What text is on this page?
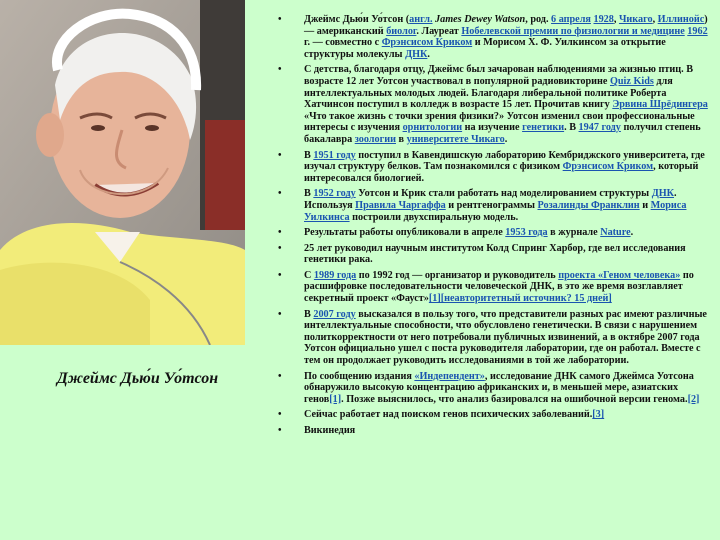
Джеймс Дью́и Уо́тсон
• Джеймс Дью́и Уо́тсон (англ. James Dewey Watson, род. 6 апреля 1928, Чикаго, Иллинойс) — американский биолог. Лауреат Нобелевской премии по физиологии и медицине 1962 г. — совместно с Фрэнсисом Криком и Морисом Х. Ф. Уилкинсом за открытие структуры молекулы ДНК.
• С детства, благодаря отцу, Джеймс был зачарован наблюдениями за жизнью птиц. В возрасте 12 лет Уотсон участвовал в популярной радиовикторине Quiz Kids для интеллектуальных молодых людей. Благодаря либеральной политике Роберта Хатчинсон поступил в колледж в возрасте 15 лет. Прочитав книгу Эрвина Шрёдингера «Что такое жизнь с точки зрения физики?» Уотсон изменил свои профессиональные интересы с изучения орнитологии на изучение генетики. В 1947 году получил степень бакалавра зоологии в университете Чикаго.
• В 1951 году поступил в Кавендишскую лабораторию Кембриджского университета, где изучал структуру белков. Там познакомился с физиком Фрэнсисом Криком, который интересовался биологией.
• В 1952 году Уотсон и Крик стали работать над моделированием структуры ДНК. Используя Правила Чаргаффа и рентгенограммы Розалинды Франклин и Мориса Уилкинса построили двухспиральную модель.
• Результаты работы опубликовали в апреле 1953 года в журнале Nature.
• 25 лет руководил научным институтом Колд Спринг Харбор, где вел исследования генетики рака.
• С 1989 года по 1992 год — организатор и руководитель проекта «Геном человека» по расшифровке последовательности человеческой ДНК, в это же время возглавляет секретный проект «Фауст»[1][неавторитетный источник? 15 дней]
• В 2007 году высказался в пользу того, что представители разных рас имеют различные интеллектуальные способности, что обусловлено генетически. В связи с нарушением политкорректности от него потребовали публичных извинений, а в октябре 2007 года Уотсон официально ушел с поста руководителя лаборатории, где он работал. Вместе с тем он продолжает руководить исследованиями в той же лаборатории.
• По сообщению издания «Индепендент», исследование ДНК самого Джеймса Уотсона обнаружило высокую концентрацию африканских и, в меньшей мере, азиатских генов[1]. Позже выяснилось, что анализ базировался на ошибочной версии генома.[2]
• Сейчас работает над поиском генов психических заболеваний.[3]
• Викинедия
